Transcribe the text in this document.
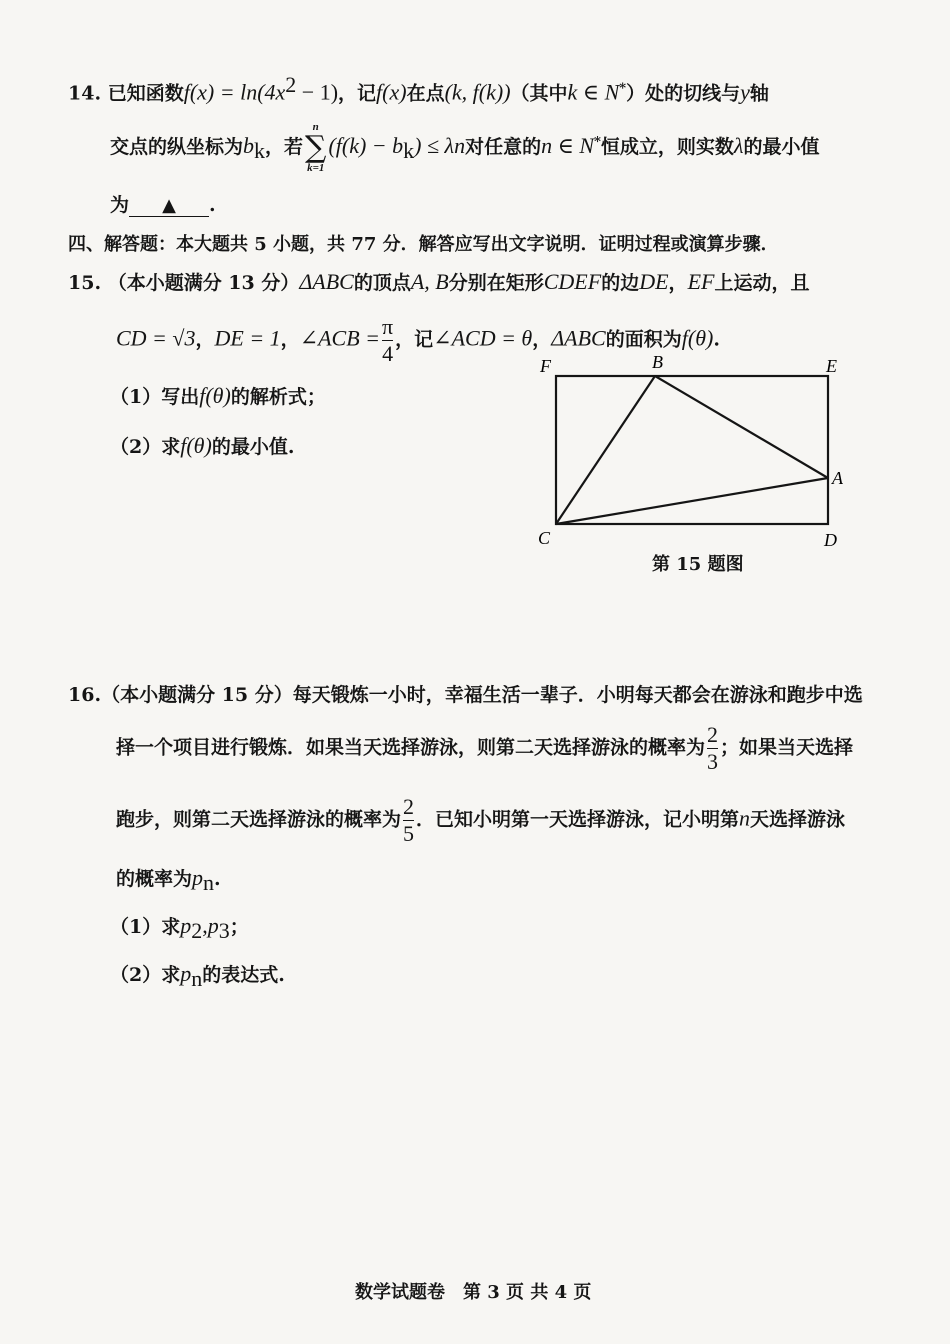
14. 已知函数$f(x) = \ln(4x^2 - 1)$，记f(x)在点(k, f(k))（其中k ∈ N*）处的切线与y轴
交点的纵坐标为$b_k$，若
n
∑
k=1
$(f(k) - b_k) \le \lambda n$对任意的n ∈ N*恒成立，则实数λ的最小值
为 ▲ .
四、解答题：本大题共 5 小题，共 77 分．解答应写出文字说明．证明过程或演算步骤．
15. （本小题满分 13 分）ΔABC的顶点A, B分别在矩形CDEF的边DE，EF上运动，且
CD = √3，DE = 1，∠ACB = $\frac{\pi}{4}$ ，记∠ACD = θ，ΔABC的面积为f(θ).
（1）写出f(θ)的解析式；
（2）求f(θ)的最小值.
F	B	E
A
C	D
第 15 题图
16.（本小题满分 15 分）每天锻炼一小时，幸福生活一辈子．小明每天都会在游泳和跑步中选
择一个项目进行锻炼．如果当天选择游泳，则第二天选择游泳的概率为 $\frac{2}{3}$ ；如果当天选择
跑步，则第二天选择游泳的概率为 $\frac{2}{5}$ ．已知小明第一天选择游泳，记小明第n天选择游泳
的概率为$p_n$.
（1）求$p_2,p_3$；
（2）求$p_n$的表达式.
数学试题卷　第 3 页 共 4 页
